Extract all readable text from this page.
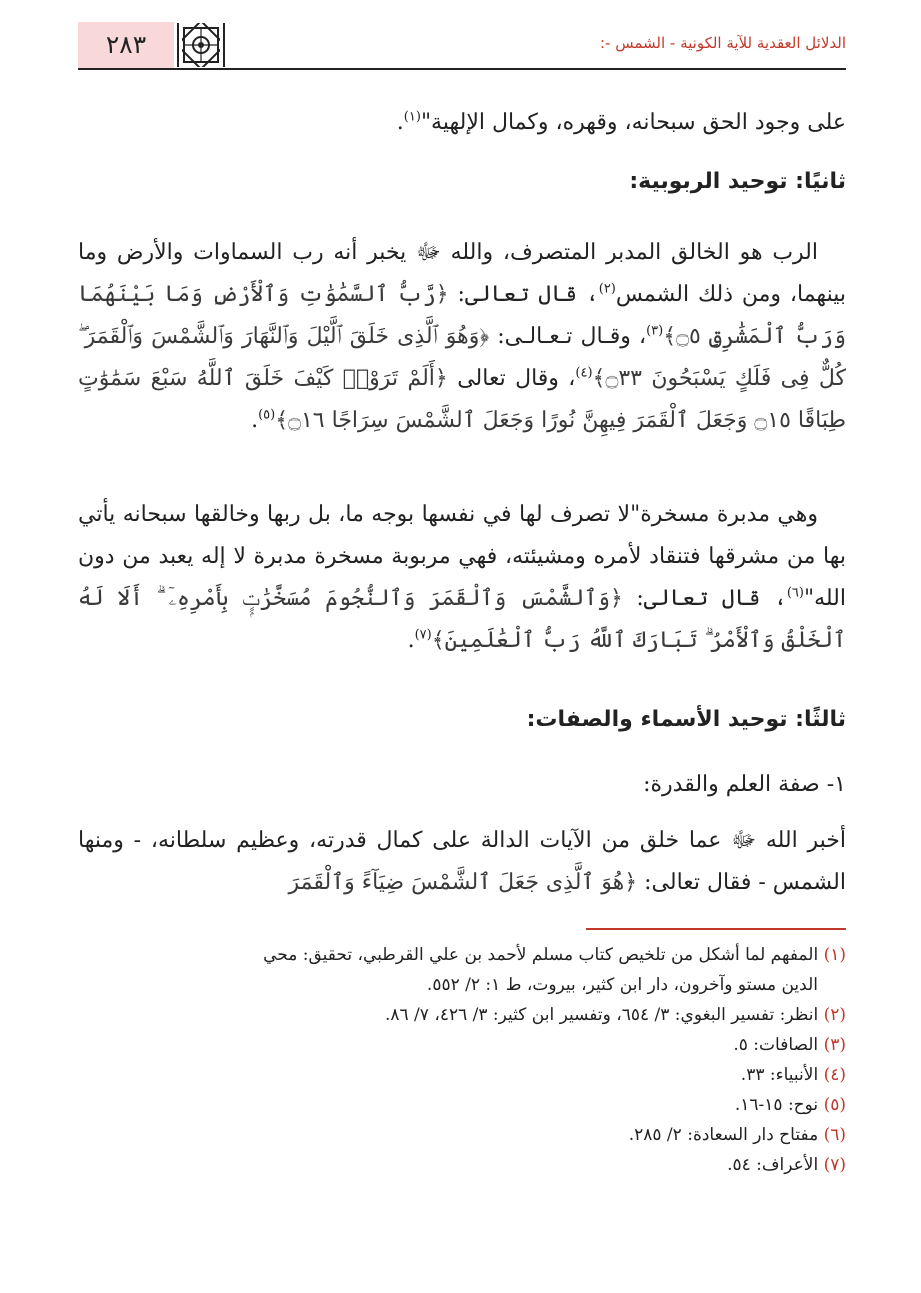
٢٨٣	الدلائل العقدية للآية الكونية - الشمس -:

على وجود الحق سبحانه، وقهره، وكمال الإلهية"$^{(١)}$.

ثانيًا: توحيد الربوبية:

الرب هو الخالق المدبر المتصرف، والله ﷻ يخبر أنه رب السماوات والأرض وما بينهما، ومن ذلك الشمس$^{(٢)}$، قال تعالى: ﴿رَّبُّ ٱلسَّمَٰوَٰتِ وَٱلْأَرْضِ وَمَا بَيْنَهُمَا وَرَبُّ ٱلْمَشَٰرِقِ ۝٥﴾$^{(٣)}$، وقـال تـعـالـى: ﴿وَهُوَ ٱلَّذِى خَلَقَ ٱلَّيْلَ وَٱلنَّهَارَ وَٱلشَّمْسَ وَٱلْقَمَرَ ۖ كُلٌّ فِى فَلَكٍ يَسْبَحُونَ ۝٣٣﴾$^{(٤)}$، وقال تعالى ﴿أَلَمْ تَرَوْا۟ كَيْفَ خَلَقَ ٱللَّهُ سَبْعَ سَمَٰوَٰتٍ طِبَاقًا ۝١٥ وَجَعَلَ ٱلْقَمَرَ فِيهِنَّ نُورًا وَجَعَلَ ٱلشَّمْسَ سِرَاجًا ۝١٦﴾$^{(٥)}$.

وهي مدبرة مسخرة"لا تصرف لها في نفسها بوجه ما، بل ربها وخالقها سبحانه يأتي بها من مشرقها فتنقاد لأمره ومشيئته، فهي مربوبة مسخرة مدبرة لا إله يعبد من دون الله"$^{(٦)}$، قال تعالى: ﴿وَٱلشَّمْسَ وَٱلْقَمَرَ وَٱلنُّجُومَ مُسَخَّرَٰتٍۭ بِأَمْرِهِۦٓ ۗ أَلَا لَهُ ٱلْخَلْقُ وَٱلْأَمْرُ ۗ تَبَارَكَ ٱللَّهُ رَبُّ ٱلْعَٰلَمِينَ﴾$^{(٧)}$.

ثالثًا: توحيد الأسماء والصفات:

١- صفة العلم والقدرة:

أخبر الله ﷻ عما خلق من الآيات الدالة على كمال قدرته، وعظيم سلطانه، - ومنها الشمس - فقال تعالى: ﴿هُوَ ٱلَّذِى جَعَلَ ٱلشَّمْسَ ضِيَآءً وَٱلْقَمَرَ

(١) المفهم لما أشكل من تلخيص كتاب مسلم لأحمد بن علي القرطبي، تحقيق: محي
الدين مستو وآخرون، دار ابن كثير، بيروت، ط ١: ٢/ ٥٥٢.

(٢) انظر: تفسير البغوي: ٣/ ٦٥٤، وتفسير ابن كثير: ٣/ ٤٢٦، ٧/ ٨٦.

(٣) الصافات: ٥.

(٤) الأنبياء: ٣٣.

(٥) نوح: ١٥-١٦.

(٦) مفتاح دار السعادة: ٢/ ٢٨٥.

(٧) الأعراف: ٥٤.
